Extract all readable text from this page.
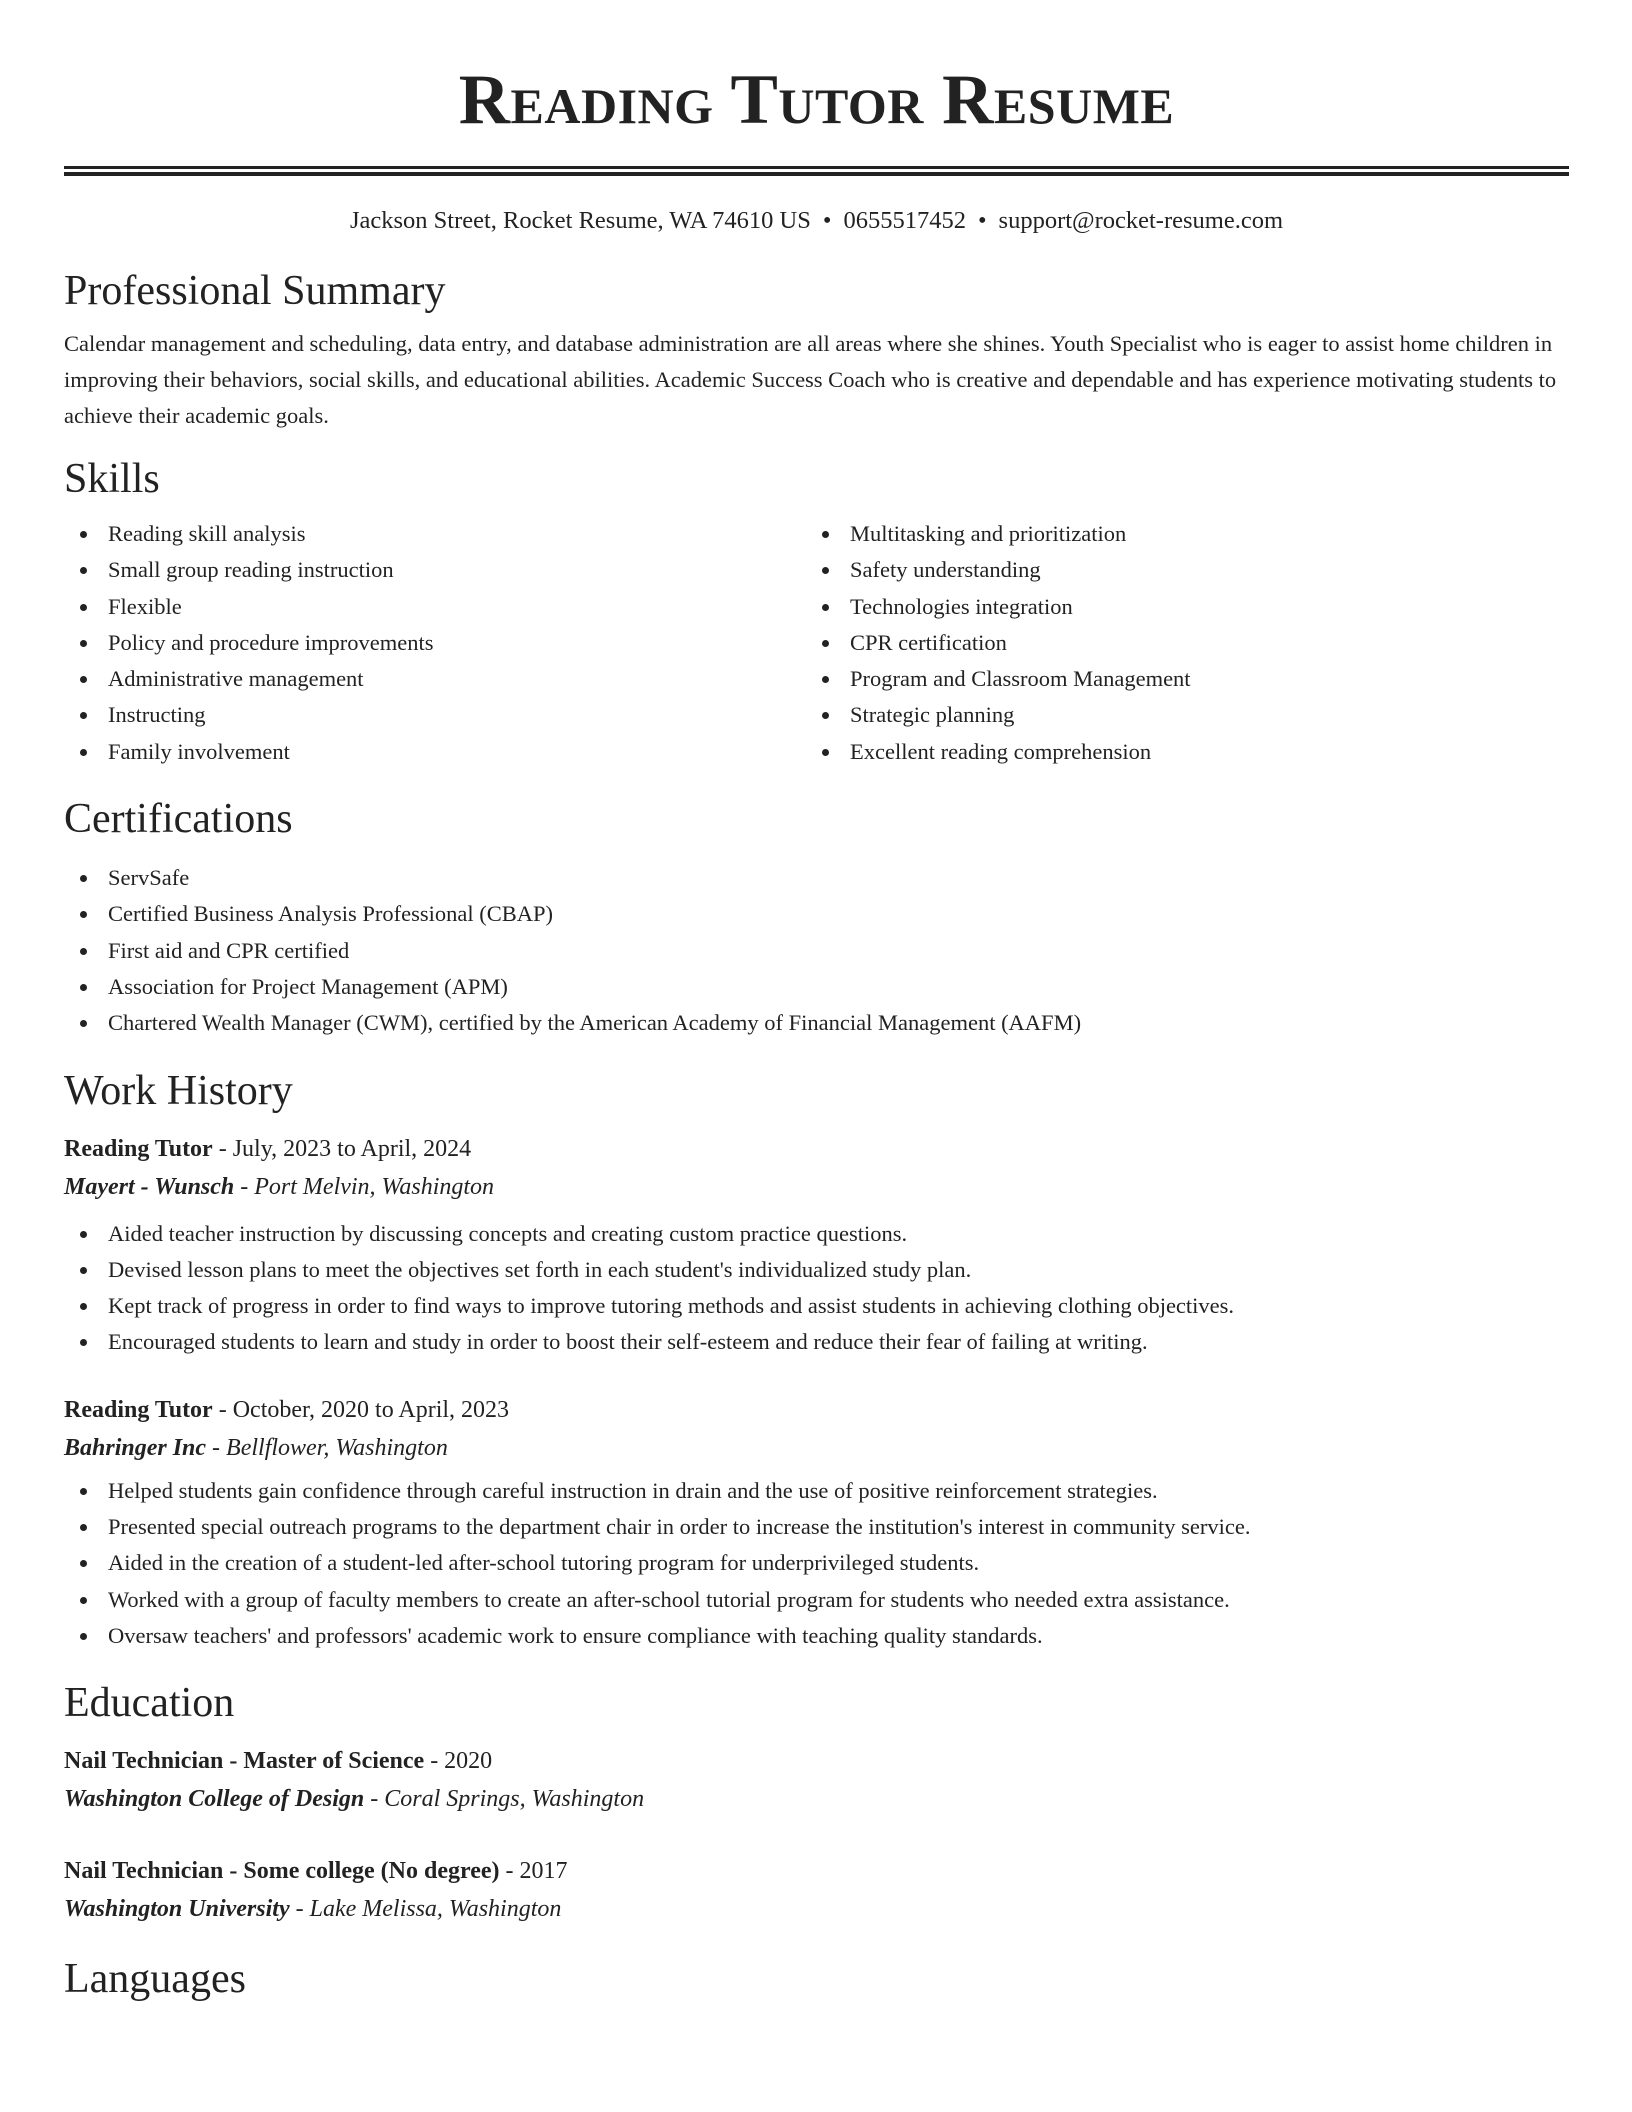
Reading Tutor Resume
Jackson Street, Rocket Resume, WA 74610 US • 0655517452 • support@rocket-resume.com
Professional Summary

Calendar management and scheduling, data entry, and database administration are all areas where she shines. Youth Specialist who is eager to assist home children in improving their behaviors, social skills, and educational abilities. Academic Success Coach who is creative and dependable and has experience motivating students to achieve their academic goals.

Skills
Reading skill analysis
Small group reading instruction
Flexible
Policy and procedure improvements
Administrative management
Instructing
Family involvement
Multitasking and prioritization
Safety understanding
Technologies integration
CPR certification
Program and Classroom Management
Strategic planning
Excellent reading comprehension
Certifications
ServSafe
Certified Business Analysis Professional (CBAP)
First aid and CPR certified
Association for Project Management (APM)
Chartered Wealth Manager (CWM), certified by the American Academy of Financial Management (AAFM)
Work History

Reading Tutor - July, 2023 to April, 2024

Mayert - Wunsch - Port Melvin, Washington

Aided teacher instruction by discussing concepts and creating custom practice questions.
Devised lesson plans to meet the objectives set forth in each student's individualized study plan.
Kept track of progress in order to find ways to improve tutoring methods and assist students in achieving clothing objectives.
Encouraged students to learn and study in order to boost their self-esteem and reduce their fear of failing at writing.

Reading Tutor - October, 2020 to April, 2023

Bahringer Inc - Bellflower, Washington

Helped students gain confidence through careful instruction in drain and the use of positive reinforcement strategies.
Presented special outreach programs to the department chair in order to increase the institution's interest in community service.
Aided in the creation of a student-led after-school tutoring program for underprivileged students.
Worked with a group of faculty members to create an after-school tutorial program for students who needed extra assistance.
Oversaw teachers' and professors' academic work to ensure compliance with teaching quality standards.
Education

Nail Technician - Master of Science - 2020

Washington College of Design - Coral Springs, Washington

Nail Technician - Some college (No degree) - 2017

Washington University - Lake Melissa, Washington

Languages
